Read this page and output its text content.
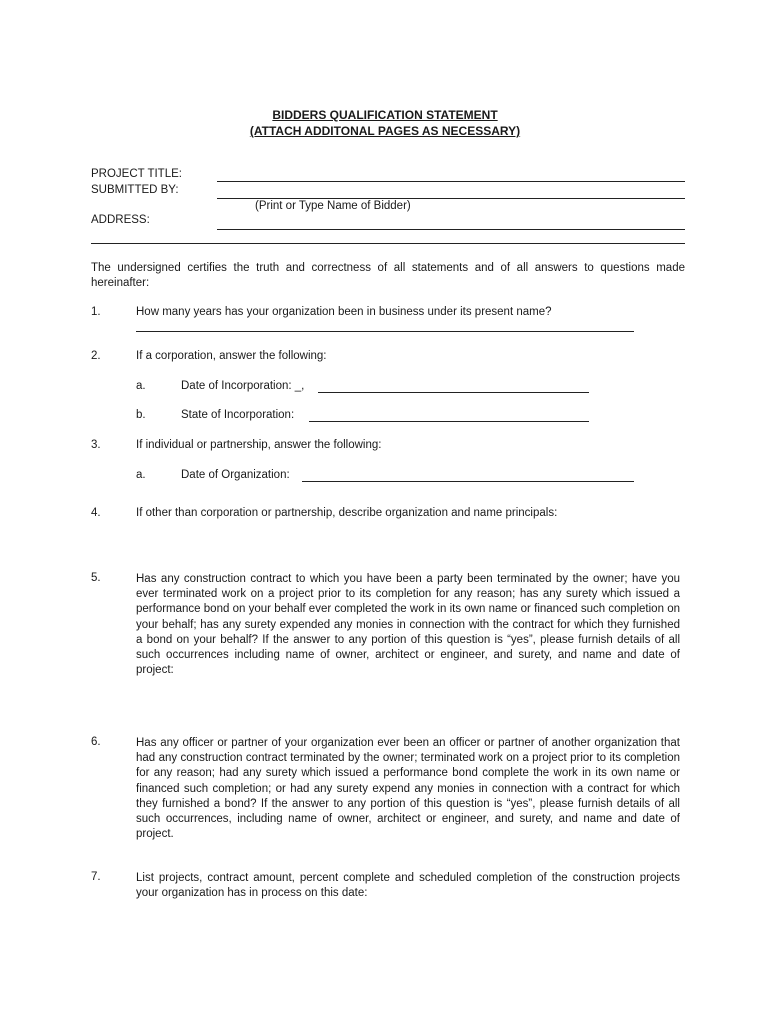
BIDDERS QUALIFICATION STATEMENT
(ATTACH ADDITONAL PAGES AS NECESSARY)
PROJECT TITLE:
SUBMITTED BY:
(Print or Type Name of Bidder)
ADDRESS:
The undersigned certifies the truth and correctness of all statements and of all answers to questions made hereinafter:
1.	How many years has your organization been in business under its present name?
2.	If a corporation, answer the following:
a.	Date of Incorporation: _,
b.	State of Incorporation:
3.	If individual or partnership, answer the following:
a.	Date of Organization:
4.	If other than corporation or partnership, describe organization and name principals:
5.	Has any construction contract to which you have been a party been terminated by the owner; have you ever terminated work on a project prior to its completion for any reason; has any surety which issued a performance bond on your behalf ever completed the work in its own name or financed such completion on your behalf; has any surety expended any monies in connection with the contract for which they furnished a bond on your behalf? If the answer to any portion of this question is “yes”, please furnish details of all such occurrences including name of owner, architect or engineer, and surety, and name and date of project:
6.	Has any officer or partner of your organization ever been an officer or partner of another organization that had any construction contract terminated by the owner; terminated work on a project prior to its completion for any reason; had any surety which issued a performance bond complete the work in its own name or financed such completion; or had any surety expend any monies in connection with a contract for which they furnished a bond? If the answer to any portion of this question is “yes”, please furnish details of all such occurrences, including name of owner, architect or engineer, and surety, and name and date of project.
7.	List projects, contract amount, percent complete and scheduled completion of the construction projects your organization has in process on this date:
